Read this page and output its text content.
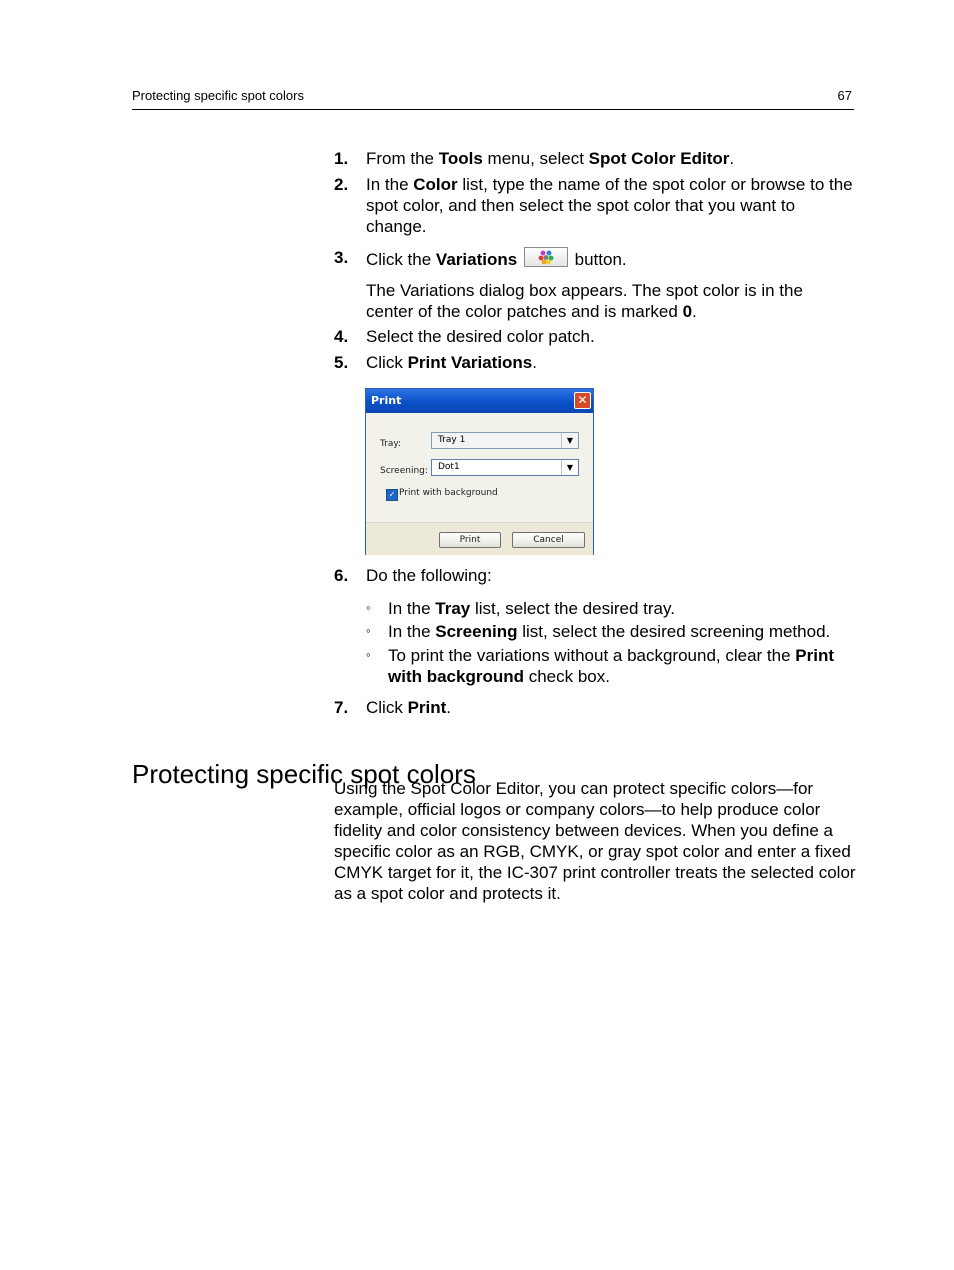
Protecting specific spot colors	67
1. From the Tools menu, select Spot Color Editor.
2. In the Color list, type the name of the spot color or browse to the spot color, and then select the spot color that you want to change.
3. Click the Variations	button.
The Variations dialog box appears. The spot color is in the center of the color patches and is marked 0.
4. Select the desired color patch.
5. Click Print Variations.
Print	✕
Tray:	Tray 1	▼
Screening:	Dot1	▼
✓ Print with background
Print	Cancel
6. Do the following:
◦ In the Tray list, select the desired tray.
◦ In the Screening list, select the desired screening method.
◦ To print the variations without a background, clear the Print with background check box.
7. Click Print.
Protecting specific spot colors

Using the Spot Color Editor, you can protect specific colors—for example, official logos or company colors—to help produce color fidelity and color consistency between devices. When you define a specific color as an RGB, CMYK, or gray spot color and enter a fixed CMYK target for it, the IC-307 print controller treats the selected color as a spot color and protects it.
